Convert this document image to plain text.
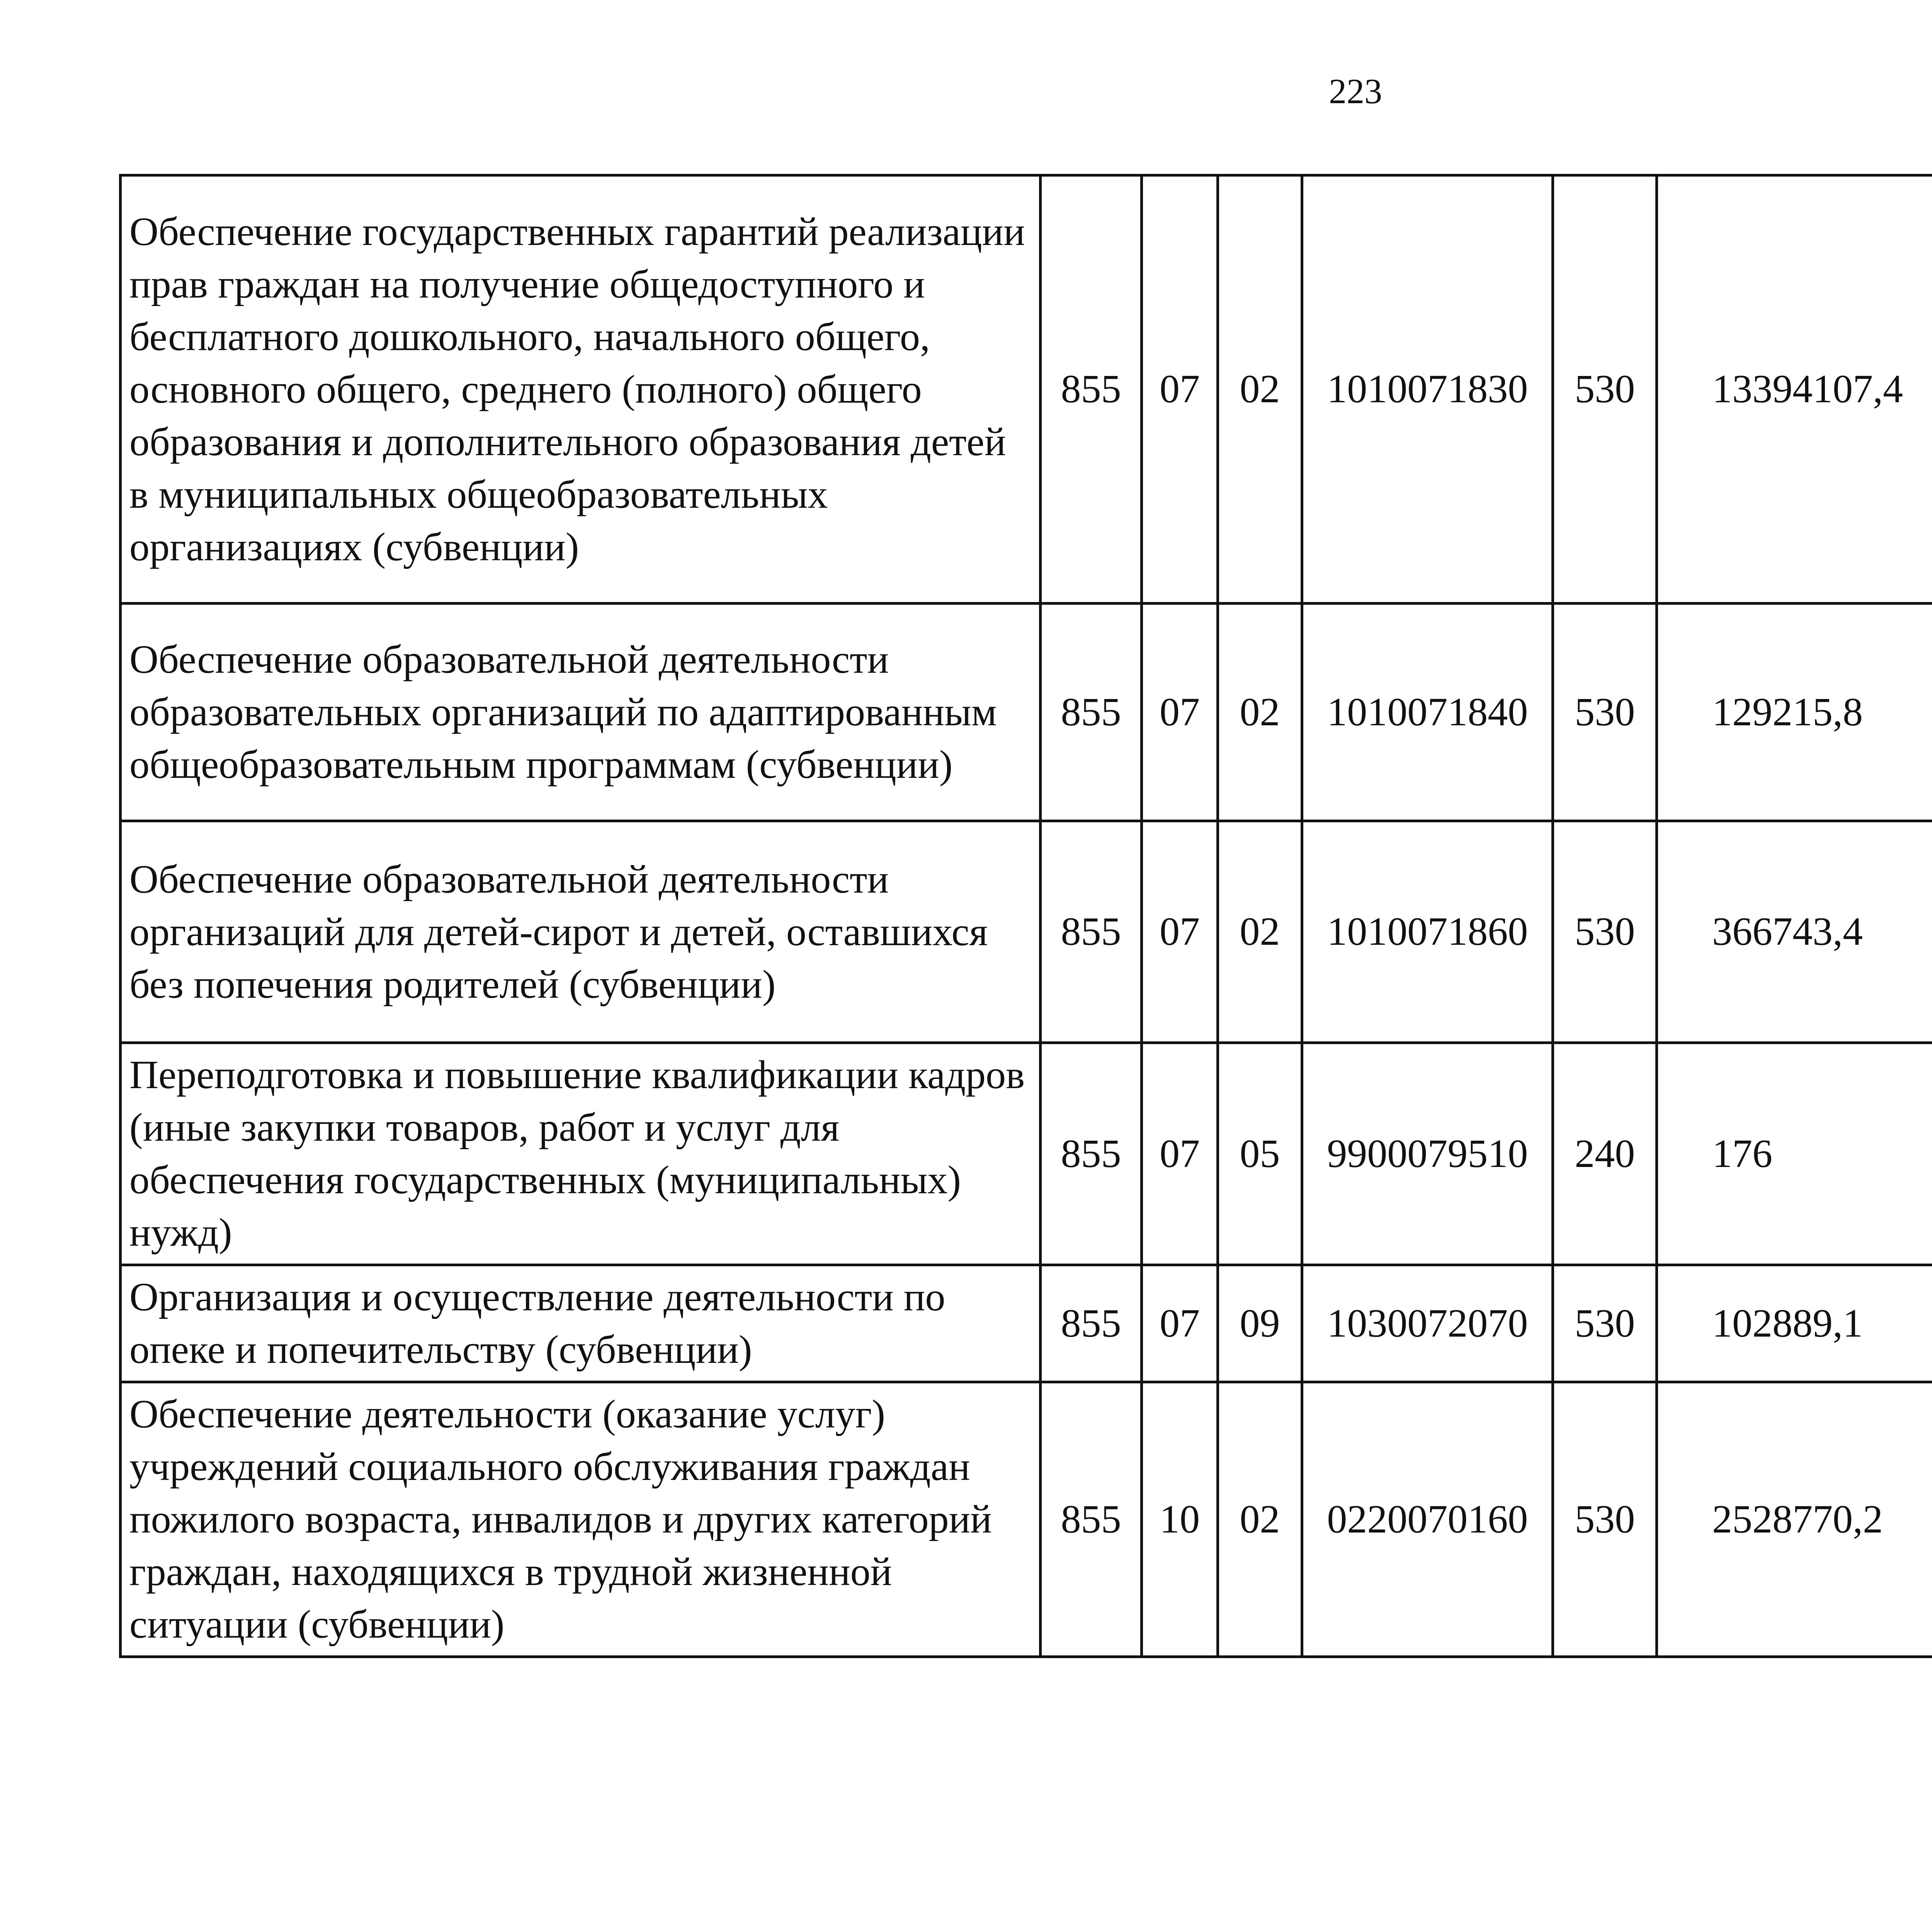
223
Обеспечение государственных гарантий реализации прав граждан на получение общедоступного и бесплатного дошкольного, начального общего, основного общего, среднего (полного) общего образования и дополнительного образования детей в муниципальных общеобразовательных организациях (субвенции)	855	07	02	1010071830	530	13394107,4		
Обеспечение образовательной деятельности образовательных организаций по адаптированным общеобразовательным программам (субвенции)	855	07	02	1010071840	530	129215,8		
Обеспечение образовательной деятельности организаций для детей-сирот и детей, оставшихся без попечения родителей (субвенции)	855	07	02	1010071860	530	366743,4		
Переподготовка и повышение квалификации кадров (иные закупки товаров, работ и услуг для обеспечения государственных (муниципальных) нужд)	855	07	05	9900079510	240	176		
Организация и осуществление деятельности по опеке и попечительству (субвенции)	855	07	09	1030072070	530	102889,1		
Обеспечение деятельности (оказание услуг) учреждений социального обслуживания граждан пожилого возраста, инвалидов и других категорий граждан, находящихся в трудной жизненной ситуации (субвенции)	855	10	02	0220070160	530	2528770,2		
